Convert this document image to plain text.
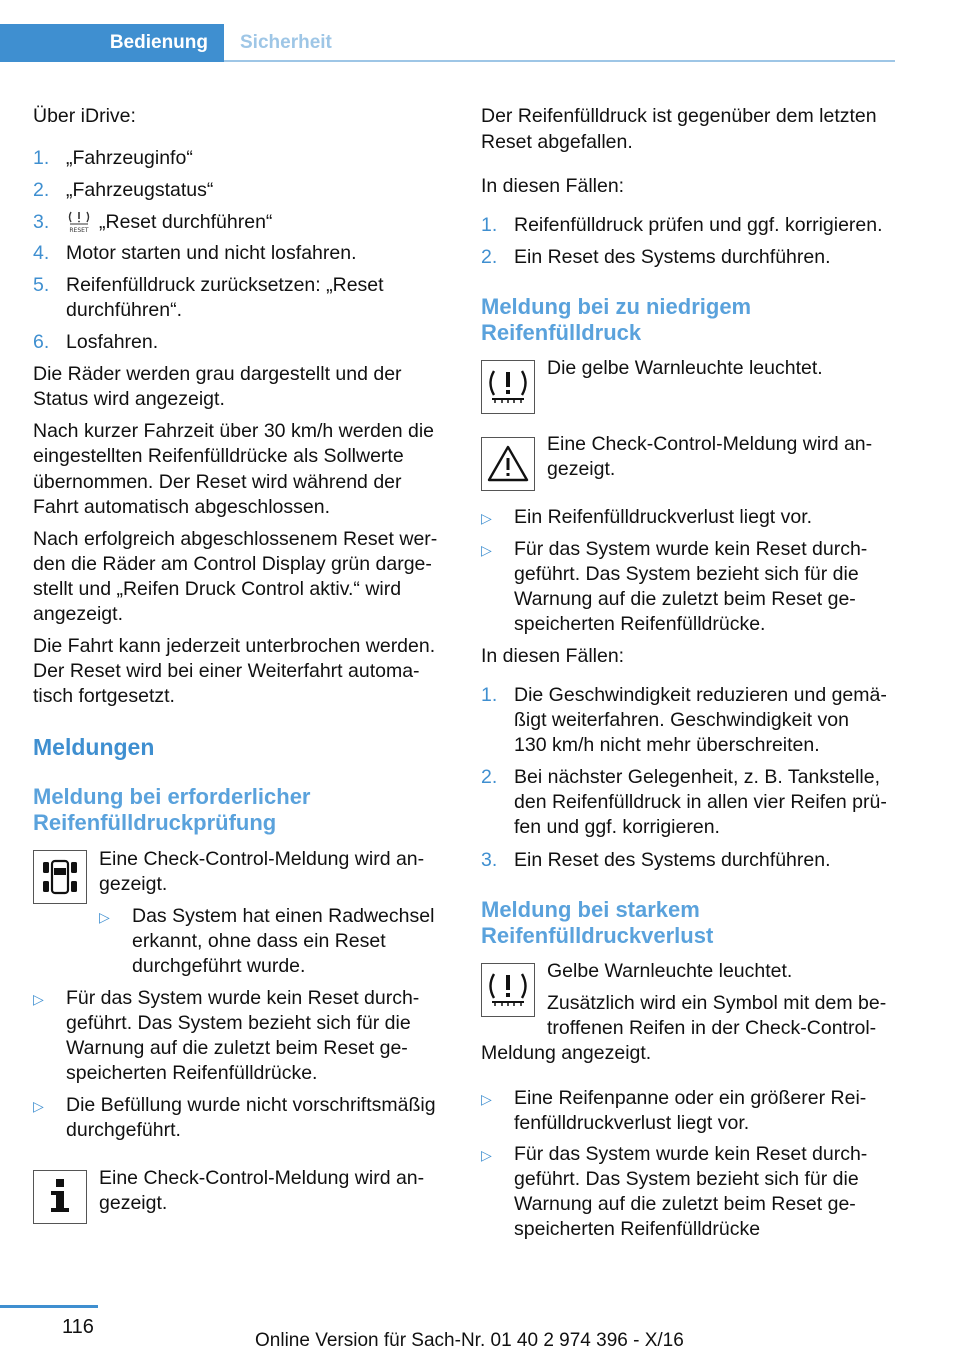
Bedienung	Sicherheit
Über iDrive:
1. „Fahrzeuginfo“
2. „Fahrzeugstatus“
3.	RESET „Reset durchführen“
4. Motor starten und nicht losfahren.
5. Reifenfülldruck zurücksetzen: „Reset
durchführen“.
6. Losfahren.
Die Räder werden grau dargestellt und der
Status wird angezeigt.
Nach kurzer Fahrzeit über 30 km/h werden die
eingestellten Reifenfülldrücke als Sollwerte
übernommen. Der Reset wird während der
Fahrt automatisch abgeschlossen.
Nach erfolgreich abgeschlossenem Reset wer‐
den die Räder am Control Display grün darge‐
stellt und „Reifen Druck Control aktiv.“ wird
angezeigt.
Die Fahrt kann jederzeit unterbrochen werden.
Der Reset wird bei einer Weiterfahrt automa‐
tisch fortgesetzt.
Meldungen
Meldung bei erforderlicher
Reifenfülldruckprüfung
Eine Check-Control-Meldung wird an‐
gezeigt.
▷ Das System hat einen Radwechsel
erkannt, ohne dass ein Reset
durchgeführt wurde.
▷ Für das System wurde kein Reset durch‐
geführt. Das System bezieht sich für die
Warnung auf die zuletzt beim Reset ge‐
speicherten Reifenfülldrücke.
▷ Die Befüllung wurde nicht vorschriftsmäßig
durchgeführt.
Eine Check-Control-Meldung wird an‐
gezeigt.
Der Reifenfülldruck ist gegenüber dem letzten
Reset abgefallen.
In diesen Fällen:
1. Reifenfülldruck prüfen und ggf. korrigieren.
2. Ein Reset des Systems durchführen.
Meldung bei zu niedrigem
Reifenfülldruck
Die gelbe Warnleuchte leuchtet.
Eine Check-Control-Meldung wird an‐
gezeigt.
▷ Ein Reifenfülldruckverlust liegt vor.
▷ Für das System wurde kein Reset durch‐
geführt. Das System bezieht sich für die
Warnung auf die zuletzt beim Reset ge‐
speicherten Reifenfülldrücke.
In diesen Fällen:
1. Die Geschwindigkeit reduzieren und gemä‐
ßigt weiterfahren. Geschwindigkeit von
130 km/h nicht mehr überschreiten.
2. Bei nächster Gelegenheit, z. B. Tankstelle,
den Reifenfülldruck in allen vier Reifen prü‐
fen und ggf. korrigieren.
3. Ein Reset des Systems durchführen.
Meldung bei starkem
Reifenfülldruckverlust
Gelbe Warnleuchte leuchtet.
Zusätzlich wird ein Symbol mit dem be‐
troffenen Reifen in der Check-Control-
Meldung angezeigt.
▷ Eine Reifenpanne oder ein größerer Rei‐
fenfülldruckverlust liegt vor.
▷ Für das System wurde kein Reset durch‐
geführt. Das System bezieht sich für die
Warnung auf die zuletzt beim Reset ge‐
speicherten Reifenfülldrücke
116
Online Version für Sach-Nr. 01 40 2 974 396 - X/16
